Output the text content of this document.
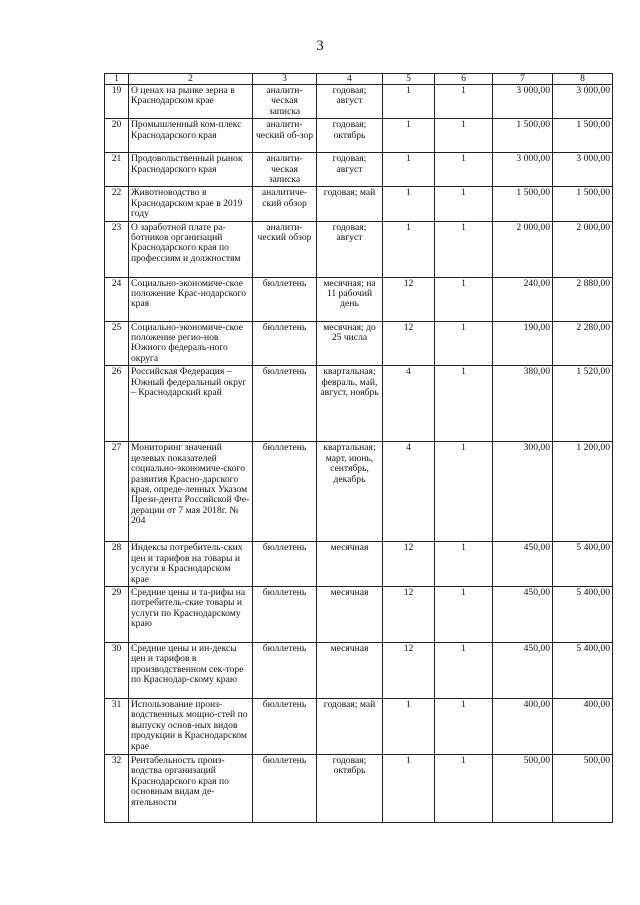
3
1	2	3	4	5	6	7	8
19	О ценах на рынке зерна в Краснодарском крае	аналити-ческая записка	годовая; август	1	1	3 000,00	3 000,00
20	Промышленный ком-плекс Краснодарского края	аналити-ческий об-зор	годовая; октябрь	1	1	1 500,00	1 500,00
21	Продовольственный рынок Краснодарского края	аналити-ческая записка	годовая; август	1	1	3 000,00	3 000,00
22	Животноводство в Краснодарском крае в 2019 году	аналитиче-ский обзор	годовая; май	1	1	1 500,00	1 500,00
23	О заработной плате ра-ботников организаций Краснодарского края по профессиям и должностям	аналити-ческий обзор	годовая; август	1	1	2 000,00	2 000,00
24	Социально-экономиче-ское положение Крас-нодарского края	бюллетень	месячная; на 11 рабочий день	12	1	240,00	2 880,00
25	Социально-экономиче-ское положение регио-нов Южного федераль-ного округа	бюллетень	месячная; до 25 числа	12	1	190,00	2 280,00
26	Российская Федерация – Южный федеральный округ – Краснодарский край	бюллетень	квартальная; февраль, май, август, ноябрь	4	1	380,00	1 520,00
27	Мониторинг значений целевых показателей социально-экономиче-ского развития Красно-дарского края, опреде-ленных Указом Прези-дента Российской Фе-дерации от 7 мая 2018г. № 204	бюллетень	квартальная; март, июнь, сентябрь, декабрь	4	1	300,00	1 200,00
28	Индексы потребитель-ских цен и тарифов на товары и услуги в Краснодарском крае	бюллетень	месячная	12	1	450,00	5 400,00
29	Средние цены и та-рифы на потребитель-ские товары и услуги по Краснодарскому краю	бюллетень	месячная	12	1	450,00	5 400,00
30	Средние цены и ин-дексы цен и тарифов в производственном сек-торе по Краснодар-скому краю	бюллетень	месячная	12	1	450,00	5 400,00
31	Использование произ-водственных мощно-стей по выпуску основ-ных видов продукции в Краснодарском крае	бюллетень	годовая; май	1	1	400,00	400,00
32	Рентабельность произ-водства организаций Краснодарского края по основным видам де-ятельности	бюллетень	годовая; октябрь	1	1	500,00	500,00
